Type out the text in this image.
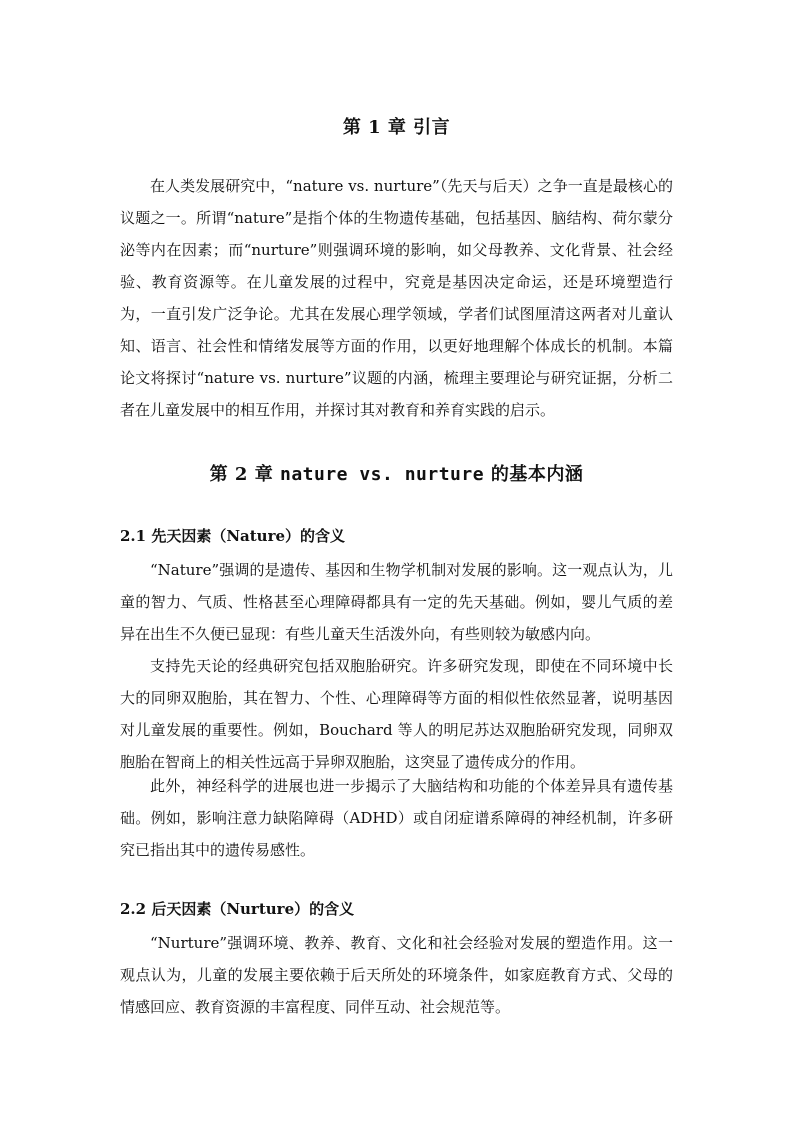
第 1 章 引言

在人类发展研究中，“nature vs. nurture”（先天与后天）之争一直是最核心的议题之一。所谓“nature”是指个体的生物遗传基础，包括基因、脑结构、荷尔蒙分泌等内在因素；而“nurture”则强调环境的影响，如父母教养、文化背景、社会经验、教育资源等。在儿童发展的过程中，究竟是基因决定命运，还是环境塑造行为，一直引发广泛争论。尤其在发展心理学领域，学者们试图厘清这两者对儿童认知、语言、社会性和情绪发展等方面的作用，以更好地理解个体成长的机制。本篇论文将探讨“nature vs. nurture”议题的内涵，梳理主要理论与研究证据，分析二者在儿童发展中的相互作用，并探讨其对教育和养育实践的启示。

第 2 章 nature vs. nurture 的基本内涵
2.1 先天因素（Nature）的含义

“Nature”强调的是遗传、基因和生物学机制对发展的影响。这一观点认为，儿童的智力、气质、性格甚至心理障碍都具有一定的先天基础。例如，婴儿气质的差异在出生不久便已显现：有些儿童天生活泼外向，有些则较为敏感内向。

支持先天论的经典研究包括双胞胎研究。许多研究发现，即使在不同环境中长大的同卵双胞胎，其在智力、个性、心理障碍等方面的相似性依然显著，说明基因对儿童发展的重要性。例如，Bouchard 等人的明尼苏达双胞胎研究发现，同卵双胞胎在智商上的相关性远高于异卵双胞胎，这突显了遗传成分的作用。

此外，神经科学的进展也进一步揭示了大脑结构和功能的个体差异具有遗传基础。例如，影响注意力缺陷障碍（ADHD）或自闭症谱系障碍的神经机制，许多研究已指出其中的遗传易感性。

2.2 后天因素（Nurture）的含义

“Nurture”强调环境、教养、教育、文化和社会经验对发展的塑造作用。这一观点认为，儿童的发展主要依赖于后天所处的环境条件，如家庭教育方式、父母的情感回应、教育资源的丰富程度、同伴互动、社会规范等。
